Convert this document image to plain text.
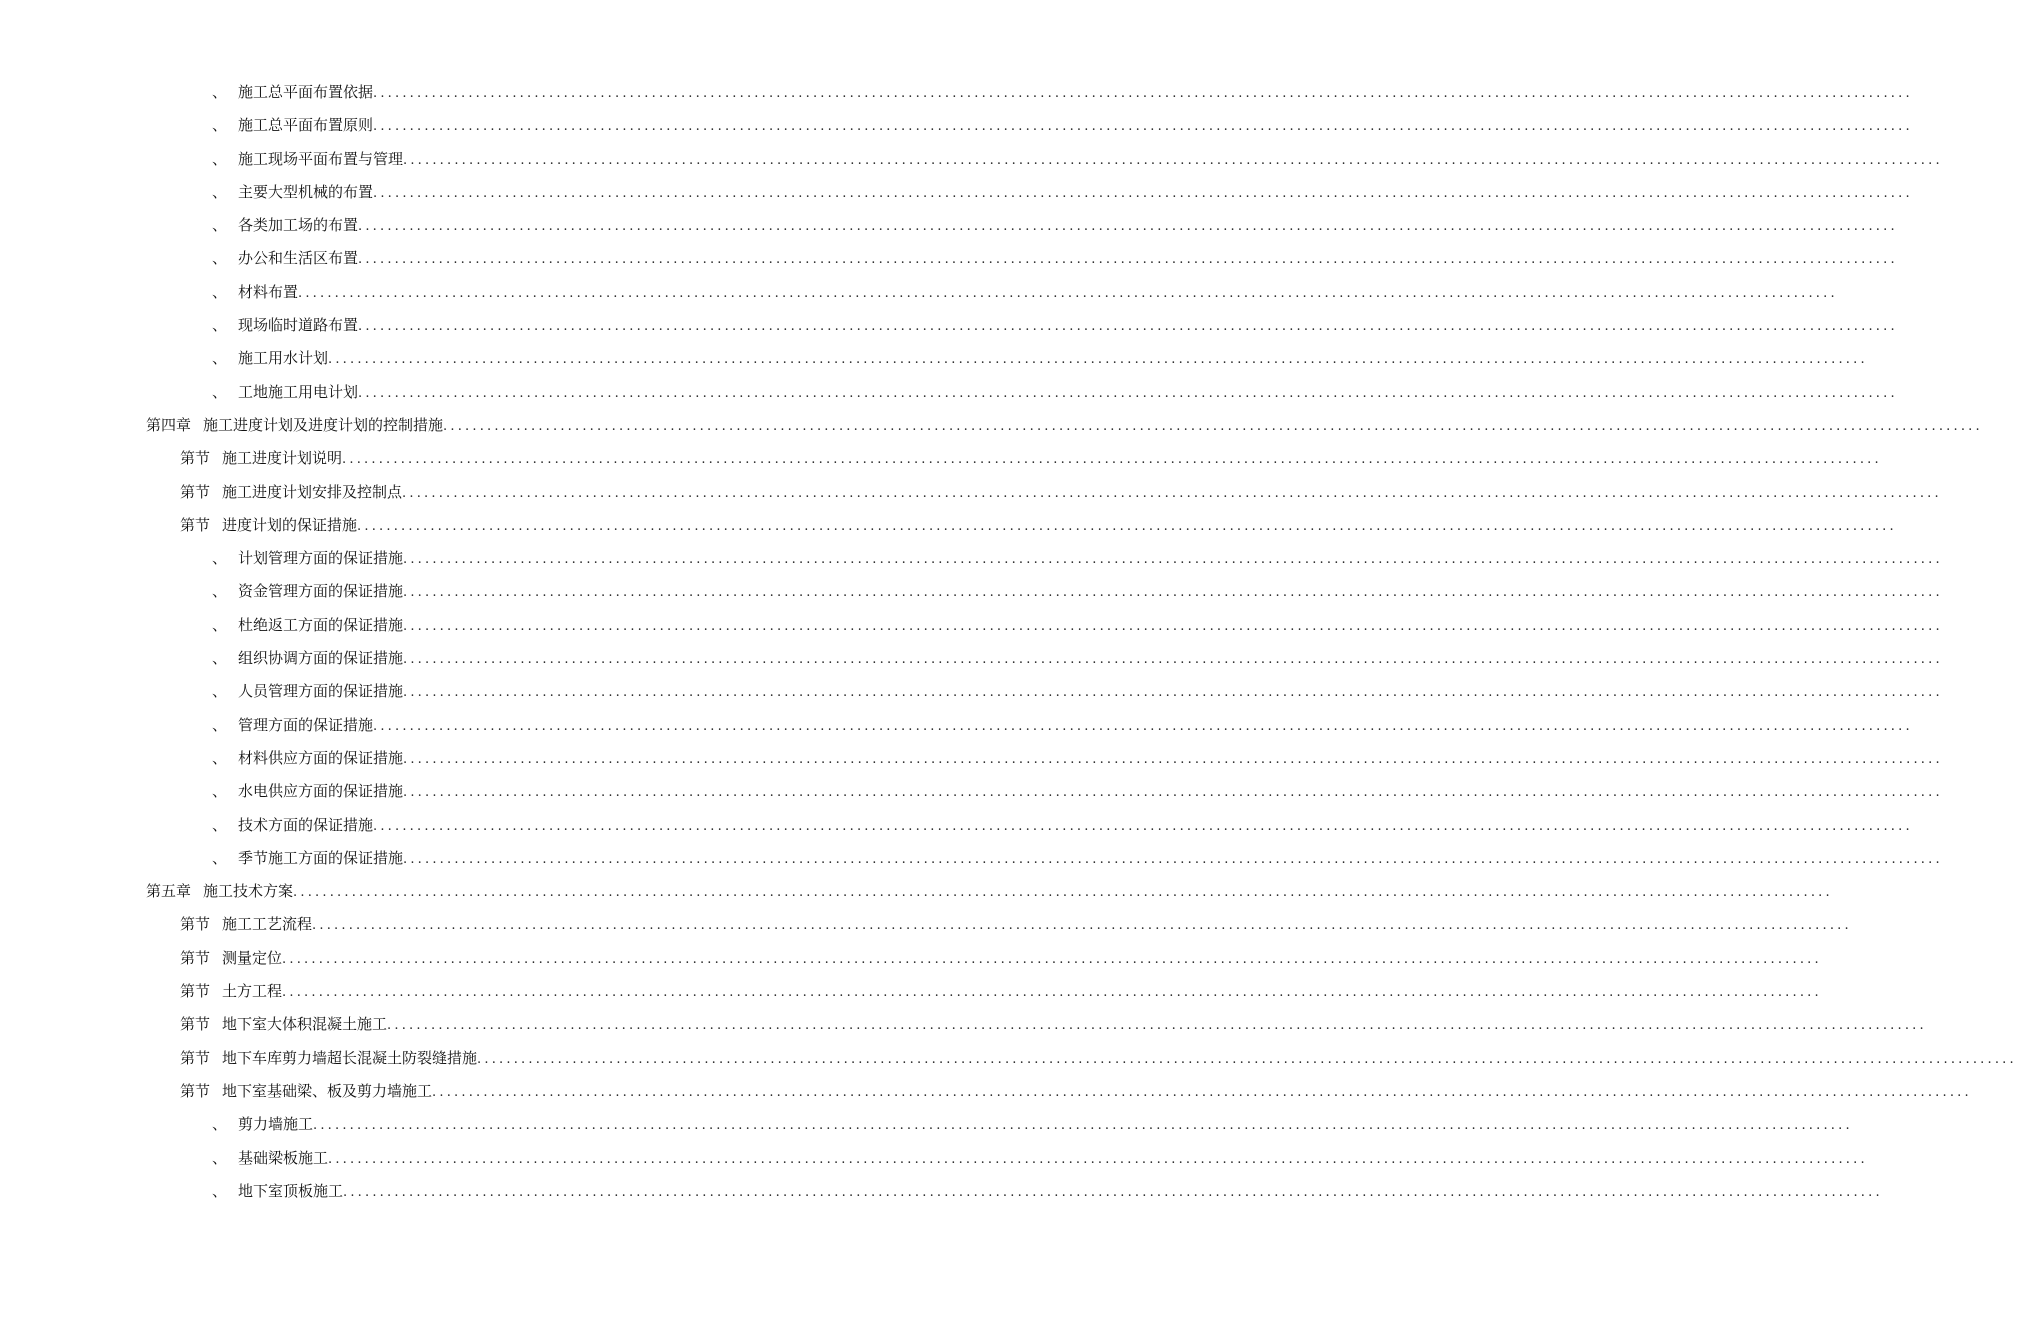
、 施工总平面布置依据 ..................................................................................................................................................................................................................
、 施工总平面布置原则 ..................................................................................................................................................................................................................
、 施工现场平面布置与管理 ..................................................................................................................................................................................................................
、 主要大型机械的布置 ..................................................................................................................................................................................................................
、 各类加工场的布置 ..................................................................................................................................................................................................................
、 办公和生活区布置 ..................................................................................................................................................................................................................
、 材料布置 ..................................................................................................................................................................................................................
、 现场临时道路布置 ..................................................................................................................................................................................................................
、 施工用水计划 ..................................................................................................................................................................................................................
、 工地施工用电计划 ..................................................................................................................................................................................................................
第四章 施工进度计划及进度计划的控制措施 ..................................................................................................................................................................................................................
第节 施工进度计划说明 ..................................................................................................................................................................................................................
第节 施工进度计划安排及控制点 ..................................................................................................................................................................................................................
第节 进度计划的保证措施 ..................................................................................................................................................................................................................
、 计划管理方面的保证措施 ..................................................................................................................................................................................................................
、 资金管理方面的保证措施 ..................................................................................................................................................................................................................
、 杜绝返工方面的保证措施 ..................................................................................................................................................................................................................
、 组织协调方面的保证措施 ..................................................................................................................................................................................................................
、 人员管理方面的保证措施 ..................................................................................................................................................................................................................
、 管理方面的保证措施 ..................................................................................................................................................................................................................
、 材料供应方面的保证措施 ..................................................................................................................................................................................................................
、 水电供应方面的保证措施 ..................................................................................................................................................................................................................
、 技术方面的保证措施 ..................................................................................................................................................................................................................
、 季节施工方面的保证措施 ..................................................................................................................................................................................................................
第五章 施工技术方案 ..................................................................................................................................................................................................................
第节 施工工艺流程 ..................................................................................................................................................................................................................
第节 测量定位 ..................................................................................................................................................................................................................
第节 土方工程 ..................................................................................................................................................................................................................
第节 地下室大体积混凝土施工 ..................................................................................................................................................................................................................
第节 地下车库剪力墙超长混凝土防裂缝措施 ..................................................................................................................................................................................................................
第节 地下室基础梁、板及剪力墙施工 ..................................................................................................................................................................................................................
、 剪力墙施工 ..................................................................................................................................................................................................................
、 基础梁板施工 ..................................................................................................................................................................................................................
、 地下室顶板施工 ..................................................................................................................................................................................................................
